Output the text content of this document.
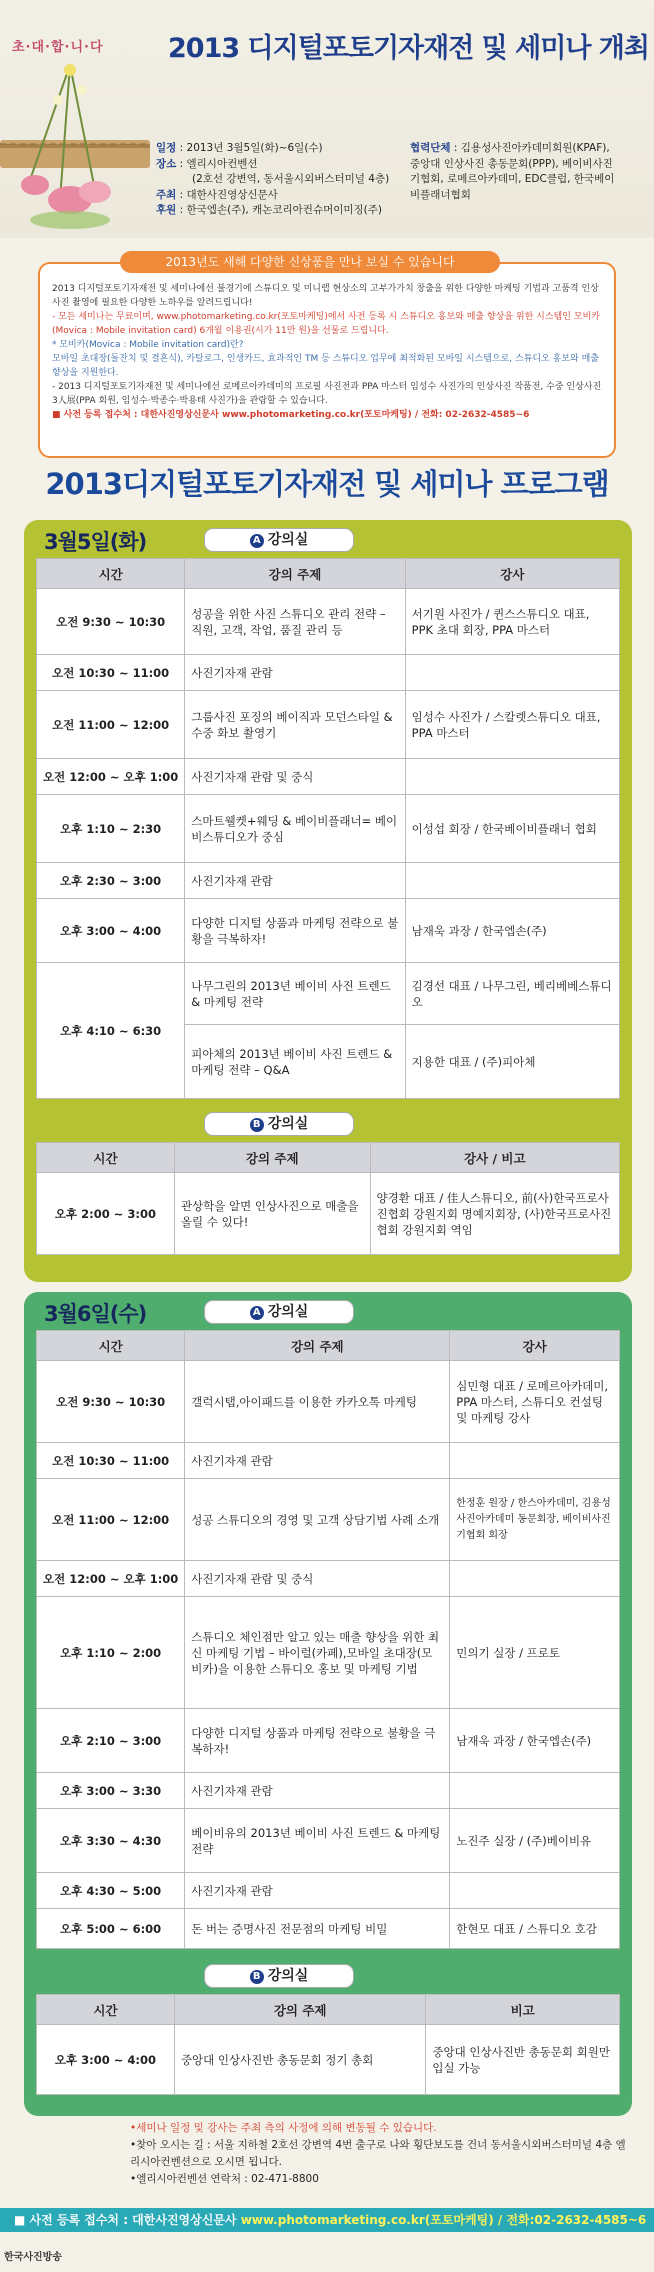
초·대·합·니·다 2013 디지털포토기자재전 및 세미나 개최
일정 : 2013년 3월5일(화)~6일(수)
장소 : 엘리시아컨벤션
(2호선 강변역, 동서울시외버스터미널 4층)
주최 : 대한사진영상신문사
후원 : 한국엡손(주), 캐논코리아컨슈머이미징(주)
협력단체 : 김용성사진아카데미회원(KPAF),
중앙대 인상사진 총동문회(PPP), 베이비사진
기협회, 로메르아카데미, EDC클럽, 한국베이
비플래너협회

2013 디지털포토기자재전 및 세미나에선 불경기에 스튜디오 및 미니랩 현상소의 고부가가치 창출을 위한 다양한 마케팅 기법과 고품격 인상 사진 촬영에 필요한 다양한 노하우를 알려드립니다!

- 모든 세미나는 무료이며, www.photomarketing.co.kr(포토마케팅)에서 사전 등록 시 스튜디오 홍보와 매출 향상을 위한 시스템인 모비카(Movica : Mobile invitation card) 6개월 이용권(시가 11만 원)을 선물로 드립니다.

* 모비카(Movica : Mobile invitation card)란?

모바일 초대장(돌잔치 및 결혼식), 카탈로그, 인생카드, 효과적인 TM 등 스튜디오 업무에 최적화된 모바일 시스템으로, 스튜디오 홍보와 매출 향상을 지원한다.

- 2013 디지털포토기자재전 및 세미나에선 로메르아카데미의 프로필 사진전과 PPA 마스터 임성수 사진가의 인상사진 작품전, 수중 인상사진 3人展(PPA 회원, 임성수·박종수·박용태 사진가)을 관람할 수 있습니다.

■ 사전 등록 접수처 : 대한사진영상신문사 www.photomarketing.co.kr(포토마케팅) / 전화: 02-2632-4585~6

2013년도 새해 다양한 신상품을 만나 보실 수 있습니다
2013디지털포토기자재전 및 세미나 프로그램
3월5일(화)	A 강의실
시간	강의 주제	강사
오전 9:30 ~ 10:30	성공을 위한 사진 스튜디오 관리 전략 – 직원, 고객, 작업, 품질 관리 등	서기원 사진가 / 퀸스스튜디오 대표, PPK 초대 회장, PPA 마스터
오전 10:30 ~ 11:00	사진기자재 관람	
오전 11:00 ~ 12:00	그룹사진 포징의 베이직과 모던스타일 & 수중 화보 촬영기	임성수 사진가 / 스칼렛스튜디오 대표, PPA 마스터
오전 12:00 ~ 오후 1:00	사진기자재 관람 및 중식	
오후 1:10 ~ 2:30	스마트웰켓+웨딩 & 베이비플래너= 베이비스튜디오가 중심	이성섭 회장 / 한국베이비플래너 협회
오후 2:30 ~ 3:00	사진기자재 관람	
오후 3:00 ~ 4:00	다양한 디지털 상품과 마케팅 전략으로 불황을 극복하자!	남재욱 과장 / 한국엡손(주)
오후 4:10 ~ 6:30	나무그린의 2013년 베이비 사진 트렌드 & 마케팅 전략	김경선 대표 / 나무그린, 베리베베스튜디오
	피아체의 2013년 베이비 사진 트렌드 & 마케팅 전략 – Q&A	지용한 대표 / (주)피아체
B 강의실
시간	강의 주제	강사 / 비고
오후 2:00 ~ 3:00	관상학을 알면 인상사진으로 매출을 올릴 수 있다!	양경환 대표 / 佳人스튜디오, 前(사)한국프로사진협회 강원지회 명예지회장, (사)한국프로사진협회 강원지회 역임
3월6일(수)	A 강의실
시간	강의 주제	강사
오전 9:30 ~ 10:30	갤럭시탭,아이패드를 이용한 카카오톡 마케팅	심민형 대표 / 로메르아카데미, PPA 마스터, 스튜디오 컨설팅 및 마케팅 강사
오전 10:30 ~ 11:00	사진기자재 관람	
오전 11:00 ~ 12:00	성공 스튜디오의 경영 및 고객 상담기법 사례 소개	한정훈 원장 / 한스아카데미, 김용성사진아카데미 동문회장, 베이비사진기협회 회장
오전 12:00 ~ 오후 1:00	사진기자재 관람 및 중식	
오후 1:10 ~ 2:00	스튜디오 체인점만 알고 있는 매출 향상을 위한 최신 마케팅 기법 – 바이럴(카페),모바일 초대장(모비카)을 이용한 스튜디오 홍보 및 마케팅 기법	민의기 실장 / 프로토
오후 2:10 ~ 3:00	다양한 디지털 상품과 마케팅 전략으로 불황을 극복하자!	남재욱 과장 / 한국엡손(주)
오후 3:00 ~ 3:30	사진기자재 관람	
오후 3:30 ~ 4:30	베이비유의 2013년 베이비 사진 트렌드 & 마케팅 전략	노진주 실장 / (주)베이비유
오후 4:30 ~ 5:00	사진기자재 관람	
오후 5:00 ~ 6:00	돈 버는 증명사진 전문점의 마케팅 비밀	한현모 대표 / 스튜디오 호감
B 강의실
시간	강의 주제	비고
오후 3:00 ~ 4:00	중앙대 인상사진반 총동문회 정기 총회	중앙대 인상사진반 총동문회 회원만 입실 가능
•세미나 일정 및 강사는 주최 측의 사정에 의해 변동될 수 있습니다.
•찾아 오시는 길 : 서울 지하철 2호선 강변역 4번 출구로 나와 횡단보도를 건너 동서울시외버스터미널 4층 엘리시아컨벤션으로 오시면 됩니다.
•엘리시아컨벤션 연락처 : 02-471-8800
■ 사전 등록 접수처 : 대한사진영상신문사 www.photomarketing.co.kr(포토마케팅) / 전화:02-2632-4585~6
한국사진방송
